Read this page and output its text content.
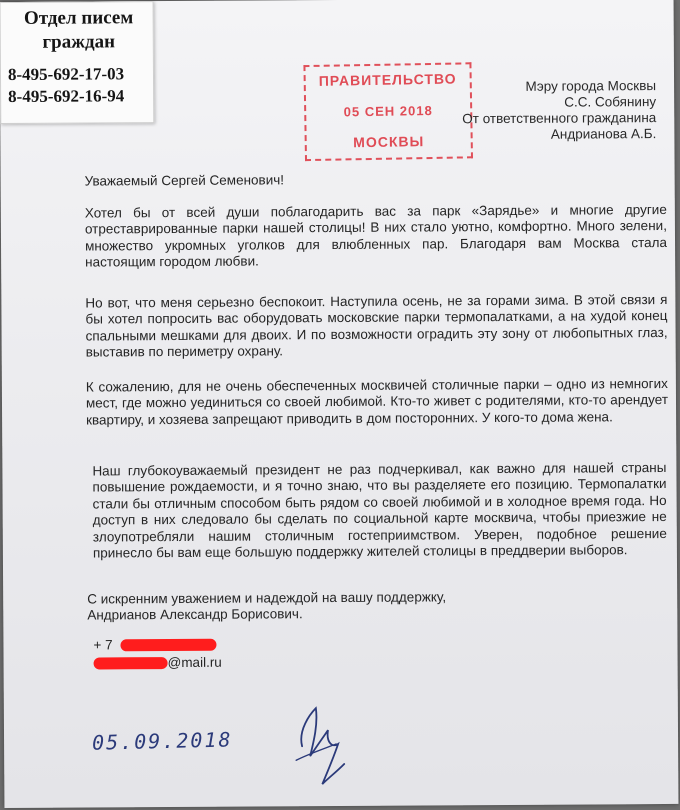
Отдел писем граждан
8-495-692-17-03
8-495-692-16-94
ПРАВИТЕЛЬСТВО
05 СЕН 2018
МОСКВЫ
Мэру города Москвы
С.С. Собянину
От ответственного гражданина
Андрианова А.Б.
Уважаемый Сергей Семенович!
Хотел бы от всей души поблагодарить вас за парк «Зарядье» и многие другие отреставрированные парки нашей столицы! В них стало уютно, комфортно. Много зелени, множество укромных уголков для влюбленных пар. Благодаря вам Москва стала настоящим городом любви.
Но вот, что меня серьезно беспокоит. Наступила осень, не за горами зима. В этой связи я бы хотел попросить вас оборудовать московские парки термопалатками, а на худой конец спальными мешками для двоих. И по возможности оградить эту зону от любопытных глаз, выставив по периметру охрану.
К сожалению, для не очень обеспеченных москвичей столичные парки – одно из немногих мест, где можно уединиться со своей любимой. Кто-то живет с родителями, кто-то арендует квартиру, и хозяева запрещают приводить в дом посторонних. У кого-то дома жена.
Наш глубокоуважаемый президент не раз подчеркивал, как важно для нашей страны повышение рождаемости, и я точно знаю, что вы разделяете его позицию. Термопалатки стали бы отличным способом быть рядом со своей любимой и в холодное время года. Но доступ в них следовало бы сделать по социальной карте москвича, чтобы приезжие не злоупотребляли нашим столичным гостеприимством. Уверен, подобное решение принесло бы вам еще большую поддержку жителей столицы в преддверии выборов.
С искренним уважением и надеждой на вашу поддержку,
Андрианов Александр Борисович.
+ 7
@mail.ru
05.09.2018
